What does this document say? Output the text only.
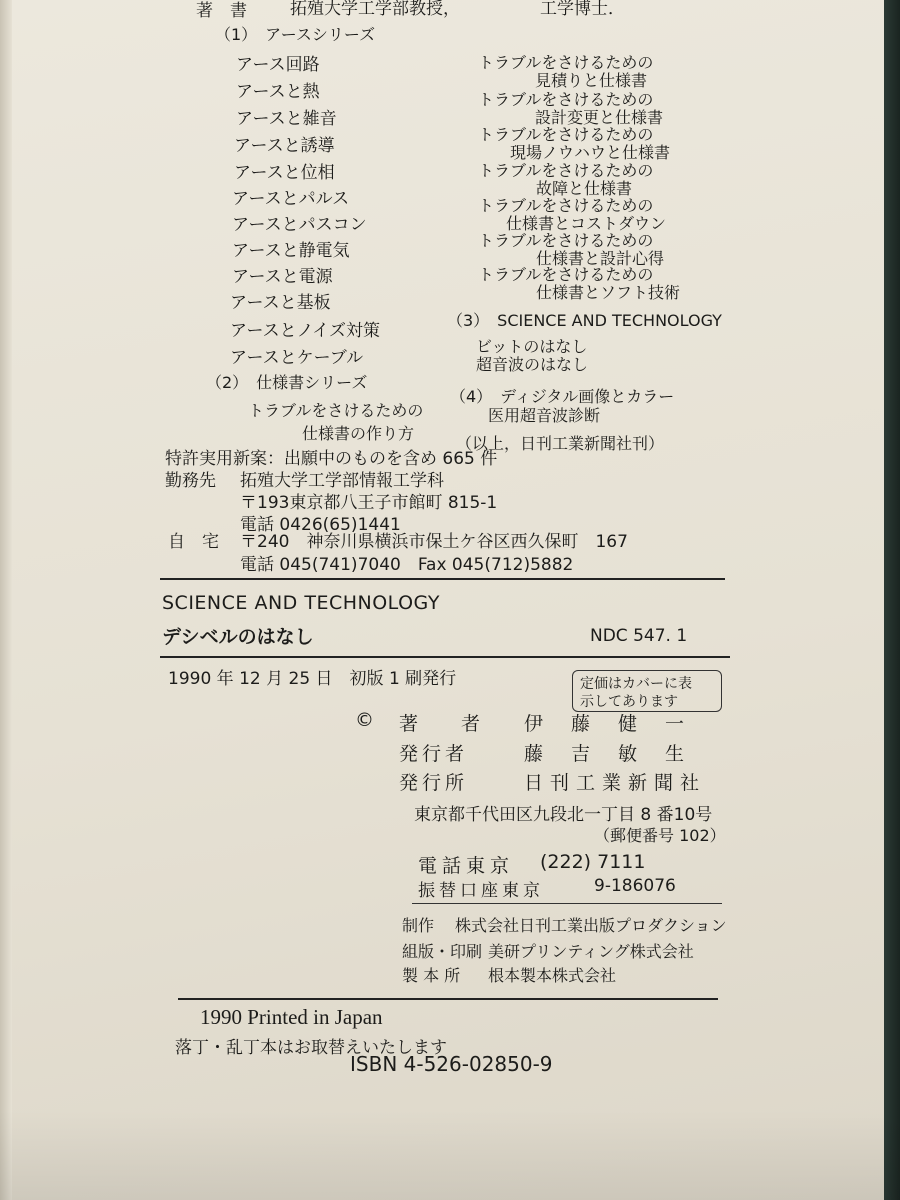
著　書	拓殖大学工学部教授，	工学博士．
（1）　アースシリーズ
アース回路
アースと熱
アースと雑音
アースと誘導
アースと位相
アースとパルス
アースとパスコン
アースと静電気
アースと電源
アースと基板
アースとノイズ対策
アースとケーブル
（2）　仕様書シリーズ
トラブルをさけるための
仕様書の作り方
トラブルをさけるための
見積りと仕様書
トラブルをさけるための
設計変更と仕様書
トラブルをさけるための
現場ノウハウと仕様書
トラブルをさけるための
故障と仕様書
トラブルをさけるための
仕様書とコストダウン
トラブルをさけるための
仕様書と設計心得
トラブルをさけるための
仕様書とソフト技術
（3）　SCIENCE AND TECHNOLOGY
ビットのはなし
超音波のはなし
（4）　ディジタル画像とカラー
医用超音波診断
（以上，日刊工業新聞社刊）
特許実用新案：出願中のものを含め 665 件
勤務先 拓殖大学工学部情報工学科
〒193東京都八王子市館町 815-1
電話 0426(65)1441
自　宅 〒240　神奈川県横浜市保土ケ谷区西久保町　167
電話 045(741)7040　Fax 045(712)5882
SCIENCE AND TECHNOLOGY
デシベルのはなし	NDC 547. 1
1990 年 12 月 25 日　初版 1 刷発行	定価はカバーに表
示してあります
© 著　者 伊藤健一
発行者	藤吉敏生
発行所	日刊工業新聞社
東京都千代田区九段北一丁目 8 番10号
（郵便番号 102）
電話東京 (222) 7111
振替口座東京	9-186076
制作 株式会社日刊工業出版プロダクション
組版・印刷 美研プリンティング株式会社
製 本 所 根本製本株式会社
1990 Printed in Japan
落丁・乱丁本はお取替えいたします
ISBN 4-526-02850-9
